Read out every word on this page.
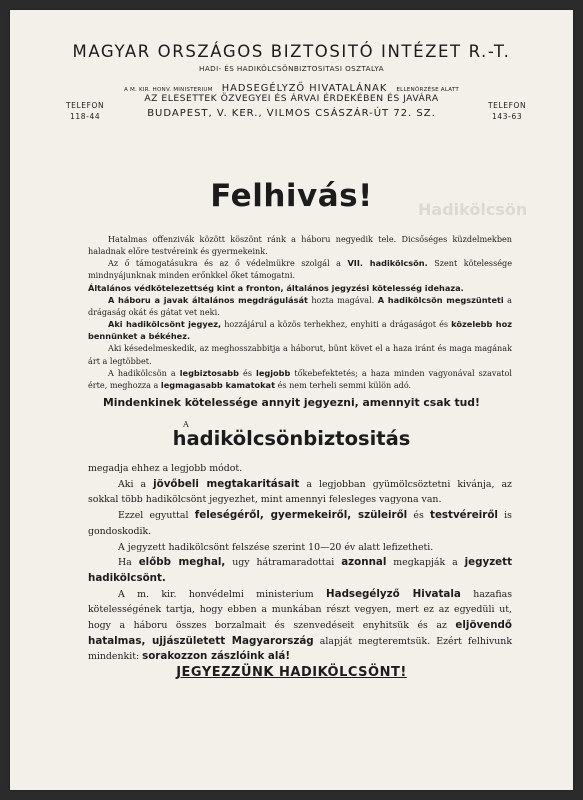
MAGYAR ORSZÁGOS BIZTOSITÓ INTÉZET R.-T.
HADI- ÉS HADIKÖLCSÖNBIZTOSITASI OSZTALYA
A M. KIR. HONV. MINISTERIUM HADSEGÉLYZŐ HIVATALÁNAK ELLENŐRZÉSE ALATT
AZ ELESETTEK ÖZVEGYEI ÉS ÁRVAI ÉRDEKÉBEN ÉS JAVÁRA
BUDAPEST, V. KER., VILMOS CSÁSZÁR-ÚT 72. SZ.
TELEFON
118-44
TELEFON
143-63
Hadikölcsön
Felhivás!

Hatalmas offenzivák között köszönt ránk a háboru negyedik tele. Dicsőséges küzdelmekben haladnak előre testvéreink és gyermekeink.

Az ő támogatásukra és az ő védelmükre szolgál a VII. hadikölcsön. Szent kötelessége mindnyájunknak minden erőnkkel őket támogatni.

Általános védkötelezettség kint a fronton, általános jegyzési kötelesség idehaza.

A háboru a javak általános megdrágulását hozta magával. A hadikölcsön megszünteti a drágaság okát és gátat vet neki.

Aki hadikölcsönt jegyez, hozzájárul a közös terhekhez, enyhiti a drágaságot és közelebb hoz bennünket a békéhez.

Aki késedelmeskedik, az meghosszabbitja a háborut, bünt követ el a haza iránt és maga magának árt a legtöbbet.

A hadikölcsön a legbiztosabb és legjobb tőkebefektetés; a haza minden vagyonával szavatol érte, meghozza a legmagasabb kamatokat és nem terheli semmi külön adó.

Mindenkinek kötelessége annyit jegyezni, amennyit csak tud!
A
hadikölcsönbiztositás

megadja ehhez a legjobb módot.

Aki a jövőbeli megtakaritásait a legjobban gyümölcsöztetni kivánja, az sokkal több hadikölcsönt jegyezhet, mint amennyi felesleges vagyona van.

Ezzel egyuttal feleségéről, gyermekeiről, szüleiről és testvéreiről is gondoskodik.

A jegyzett hadikölcsönt felszése szerint 10—20 év alatt lefizetheti.

Ha előbb meghal, ugy hátramaradottai azonnal megkapják a jegyzett hadikölcsönt.

A m. kir. honvédelmi ministerium Hadsegélyző Hivatala hazafias kötelességének tartja, hogy ebben a munkában részt vegyen, mert ez az egyedüli ut, hogy a háboru összes borzalmait és szenvedéseit enyhitsük és az eljövendő hatalmas, ujjászületett Magyarország alapját megteremtsük. Ezért felhivunk mindenkit: sorakozzon zászlóink alá!

JEGYEZZÜNK HADIKÖLCSÖNT!
